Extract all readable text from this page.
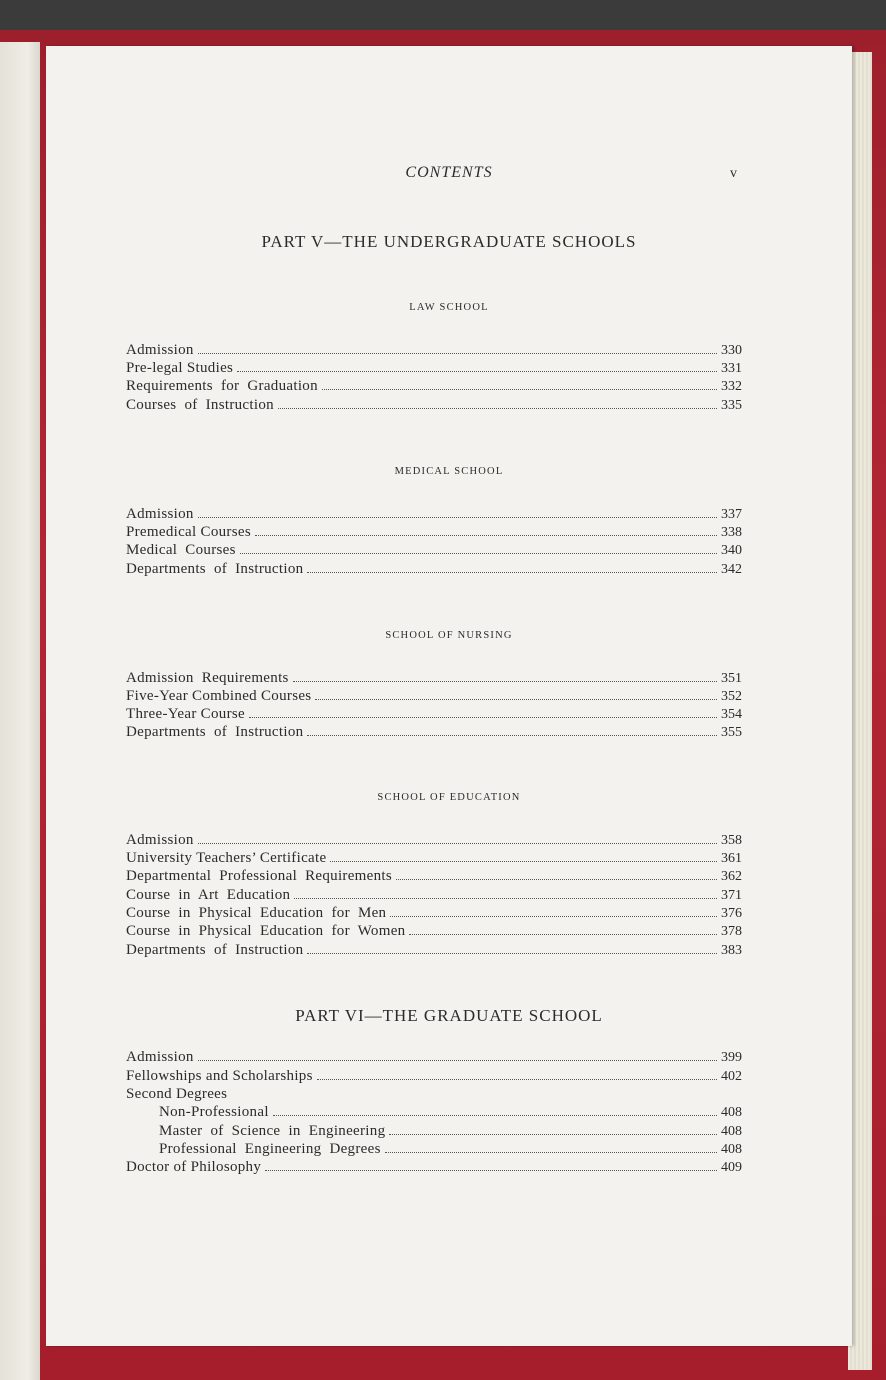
CONTENTS	v
PART V—THE UNDERGRADUATE SCHOOLS
LAW SCHOOL
Admission	330
Pre-legal Studies	331
Requirements for Graduation	332
Courses of Instruction	335
MEDICAL SCHOOL
Admission	337
Premedical Courses	338
Medical Courses	340
Departments of Instruction	342
SCHOOL OF NURSING
Admission Requirements	351
Five-Year Combined Courses	352
Three-Year Course	354
Departments of Instruction	355
SCHOOL OF EDUCATION
Admission	358
University Teachers’ Certificate	361
Departmental Professional Requirements	362
Course in Art Education	371
Course in Physical Education for Men	376
Course in Physical Education for Women	378
Departments of Instruction	383
PART VI—THE GRADUATE SCHOOL
Admission	399
Fellowships and Scholarships	402
Second Degrees
Non-Professional	408
Master of Science in Engineering	408
Professional Engineering Degrees	408
Doctor of Philosophy	409
